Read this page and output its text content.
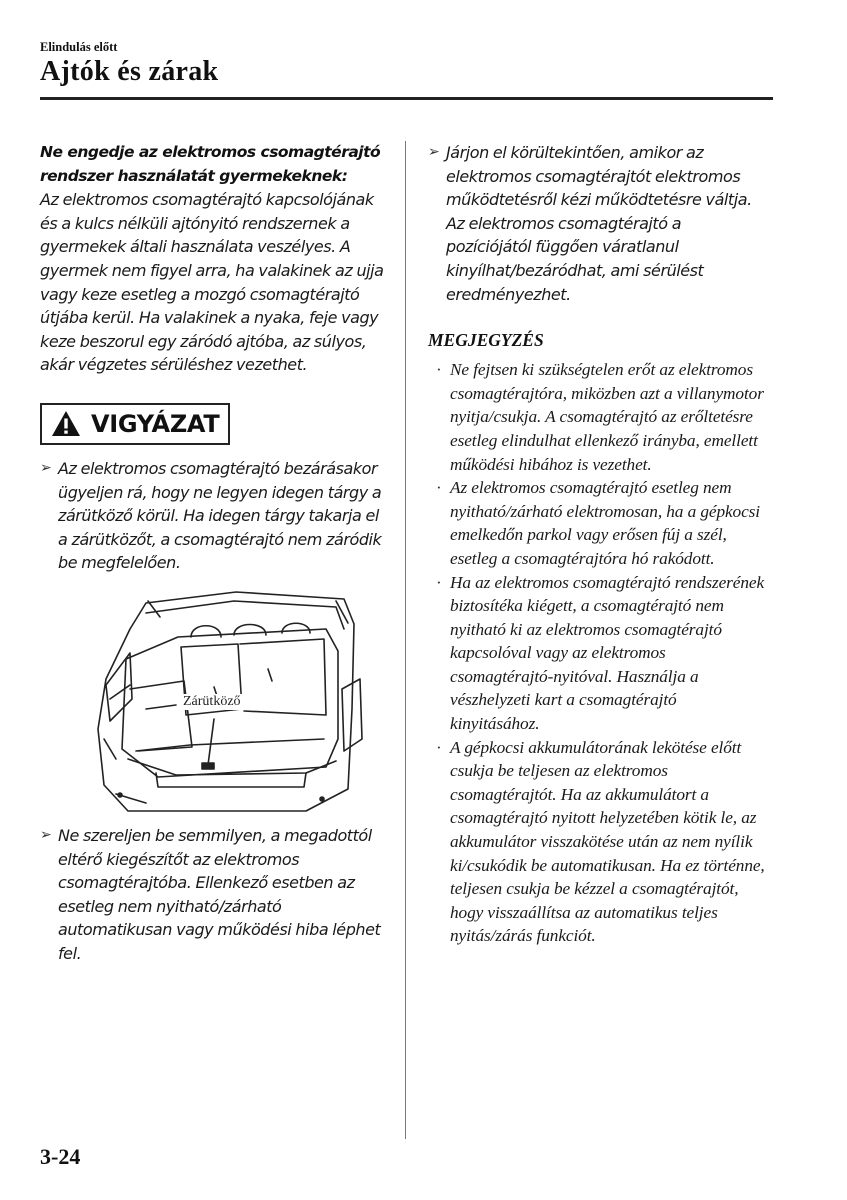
Elindulás előtt
Ajtók és zárak
Ne engedje az elektromos csomagtérajtó rendszer használatát gyermekeknek:
Az elektromos csomagtérajtó kapcsolójának és a kulcs nélküli ajtónyitó rendszernek a gyermekek általi használata veszélyes. A gyermek nem figyel arra, ha valakinek az ujja vagy keze esetleg a mozgó csomagtérajtó útjába kerül. Ha valakinek a nyaka, feje vagy keze beszorul egy záródó ajtóba, az súlyos, akár végzetes sérüléshez vezethet.
VIGYÁZAT
➢ Az elektromos csomagtérajtó bezárásakor ügyeljen rá, hogy ne legyen idegen tárgy a zárütköző körül. Ha idegen tárgy takarja el a zárütközőt, a csomagtérajtó nem záródik be megfelelően.
Zárütköző
➢ Ne szereljen be semmilyen, a megadottól eltérő kiegészítőt az elektromos csomagtérajtóba. Ellenkező esetben az esetleg nem nyitható/zárható automatikusan vagy működési hiba léphet fel.
➢ Járjon el körültekintően, amikor az elektromos csomagtérajtót elektromos működtetésről kézi működtetésre váltja. Az elektromos csomagtérajtó a pozíciójától függően váratlanul kinyílhat/bezáródhat, ami sérülést eredményezhet.
MEGJEGYZÉS
· Ne fejtsen ki szükségtelen erőt az elektromos csomagtérajtóra, miközben azt a villanymotor nyitja/csukja. A csomagtérajtó az erőltetésre esetleg elindulhat ellenkező irányba, emellett működési hibához is vezethet.
· Az elektromos csomagtérajtó esetleg nem nyitható/zárható elektromosan, ha a gépkocsi emelkedőn parkol vagy erősen fúj a szél, esetleg a csomagtérajtóra hó rakódott.
· Ha az elektromos csomagtérajtó rendszerének biztosítéka kiégett, a csomagtérajtó nem nyitható ki az elektromos csomagtérajtó kapcsolóval vagy az elektromos csomagtérajtó-nyitóval. Használja a vészhelyzeti kart a csomagtérajtó kinyitásához.
· A gépkocsi akkumulátorának lekötése előtt csukja be teljesen az elektromos csomagtérajtót. Ha az akkumulátort a csomagtérajtó nyitott helyzetében kötik le, az akkumulátor visszakötése után az nem nyílik ki/csukódik be automatikusan. Ha ez történne, teljesen csukja be kézzel a csomagtérajtót, hogy visszaállítsa az automatikus teljes nyitás/zárás funkciót.
3-24
